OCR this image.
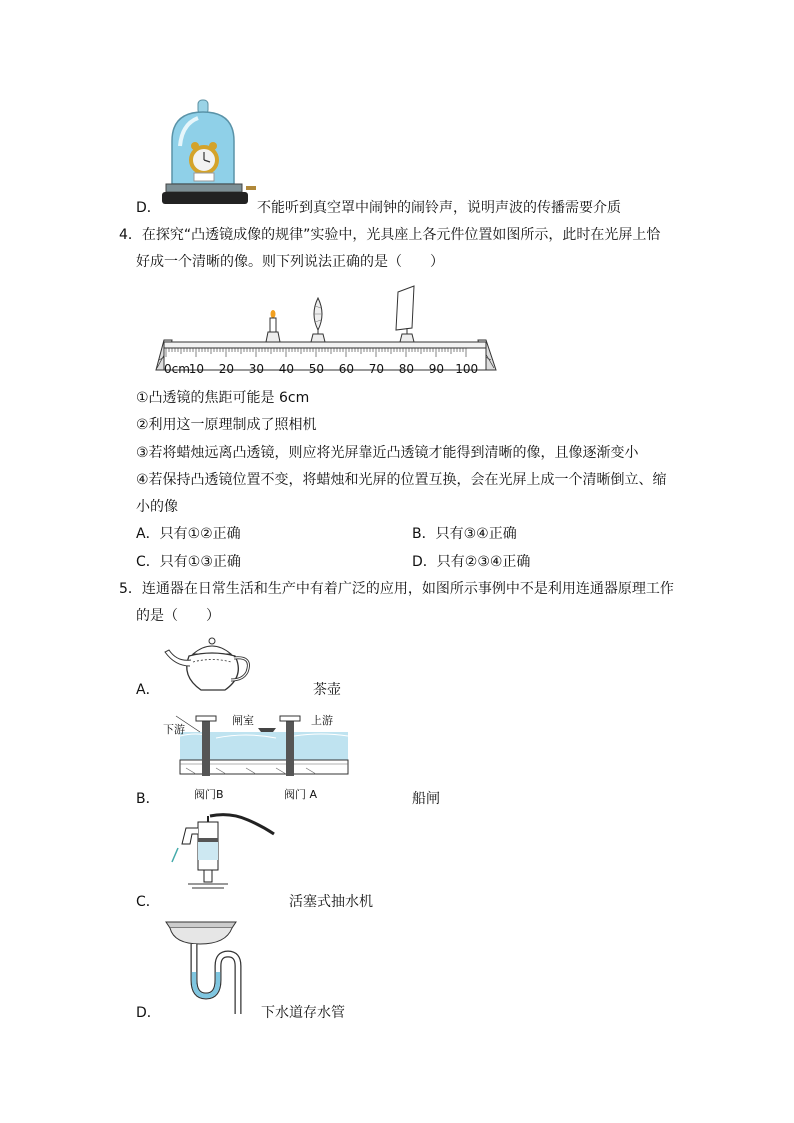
D．	不能听到真空罩中闹钟的闹铃声，说明声波的传播需要介质
4．在探究“凸透镜成像的规律”实验中，光具座上各元件位置如图所示，此时在光屏上恰
好成一个清晰的像。则下列说法正确的是（　　）
0cm
10 20 30 40 50 60 70 80 90 100
①凸透镜的焦距可能是 6cm
②利用这一原理制成了照相机
③若将蜡烛远离凸透镜，则应将光屏靠近凸透镜才能得到清晰的像，且像逐渐变小
④若保持凸透镜位置不变，将蜡烛和光屏的位置互换，会在光屏上成一个清晰倒立、缩
小的像
A．只有①②正确	B．只有③④正确
C．只有①③正确	D．只有②③④正确
5．连通器在日常生活和生产中有着广泛的应用，如图所示事例中不是利用连通器原理工作
的是（　　）
A．	茶壶
下游
闸室	上游
阀门B	阀门 A
B．	船闸
C．	活塞式抽水机
D．	下水道存水管
